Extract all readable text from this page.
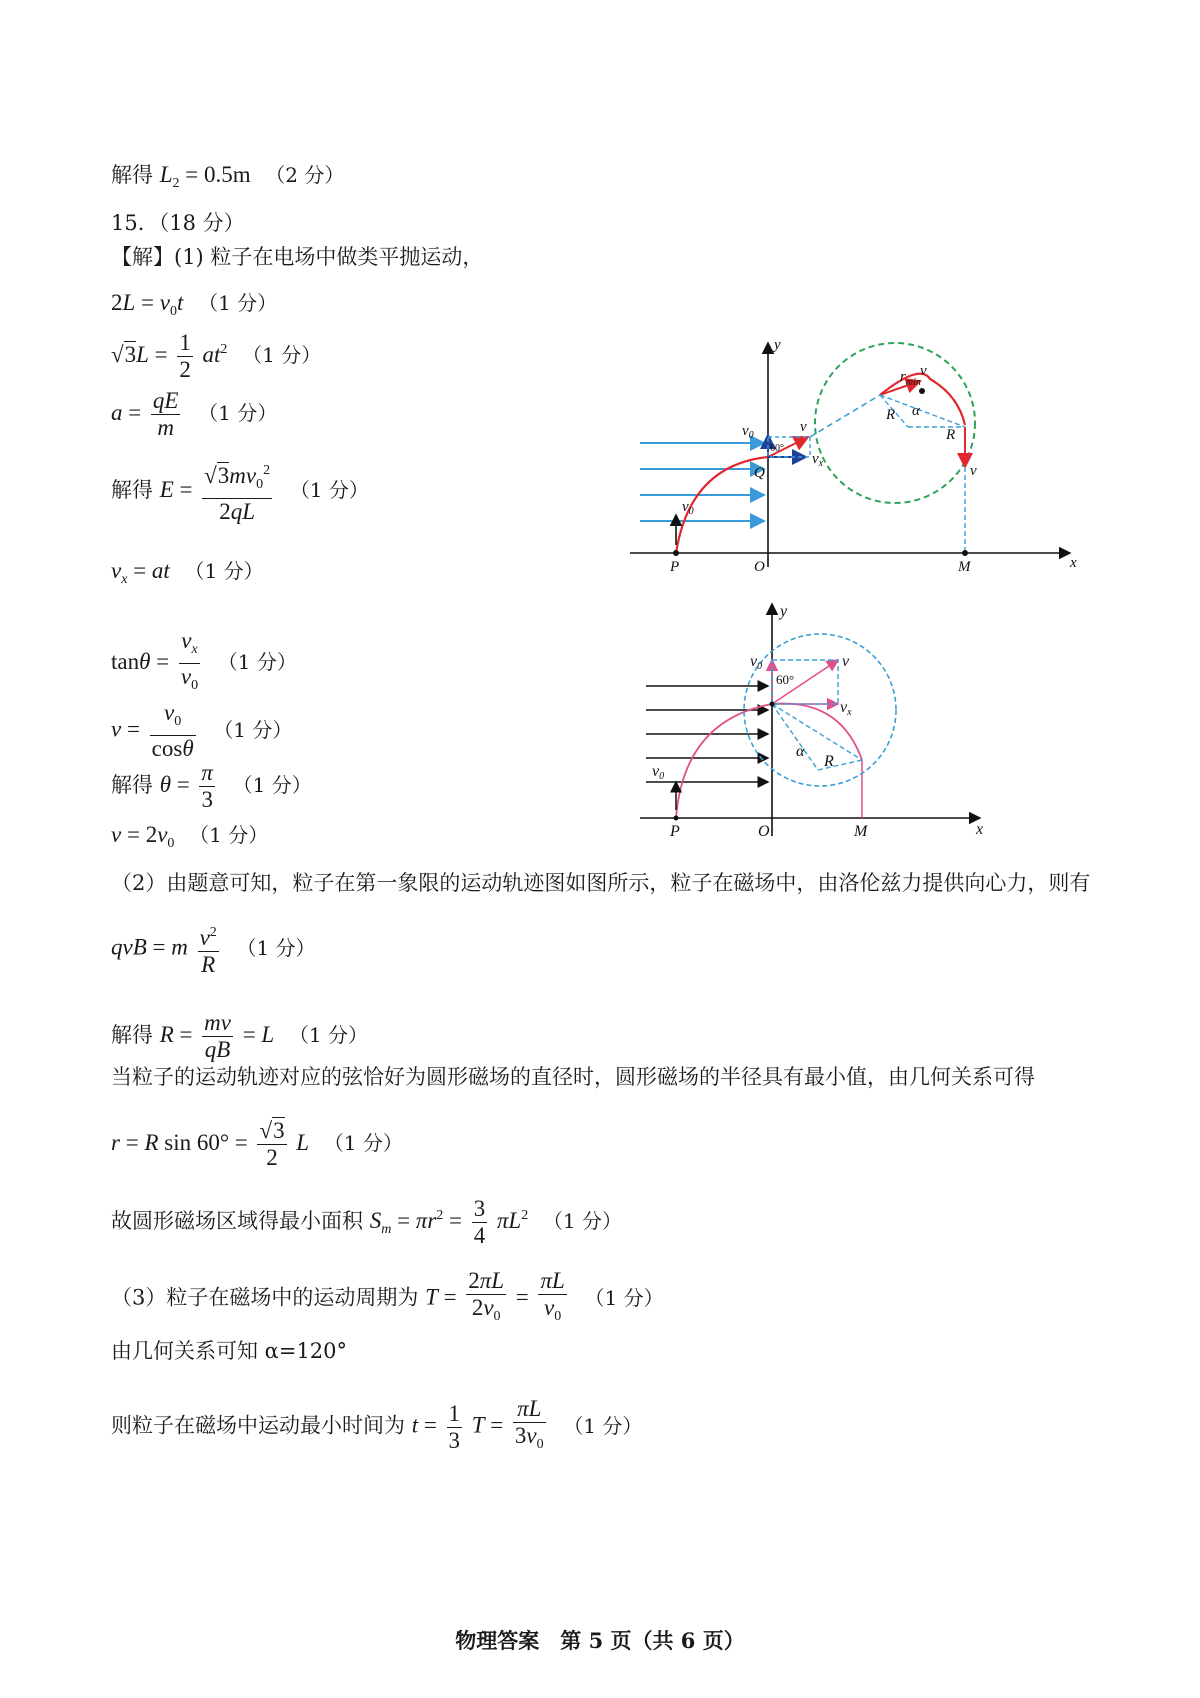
解得 $L_2 = 0.5m$ （2 分）
15．（18 分）
【解】(1) 粒子在电场中做类平抛运动，
$2L = v_0t$ （1 分）
$√3L = \frac{1}{2} at^2$ （1 分）
$a = \frac{qE}{m} (1$ 分）
解得 $E = \frac{√3mv_0^2}{2qL} (1$ 分）
$v_x$ = at （1 分）
$\tan\theta = \frac{v_x}{v_0} (1$ 分）
$v = \frac{v_0}{\cos\theta} (1$ 分）
解得 $\theta = \frac{\pi}{3} (1$ 分）
$v = 2v_0$ （1 分）
（2）由题意可知，粒子在第一象限的运动轨迹图如图所示，粒子在磁场中，由洛伦兹力提供向心力，则有
qvB = m $\frac{v^2}{R} (1$ 分）
解得 $R = \frac{mv}{qB} = L$ （1 分）
当粒子的运动轨迹对应的弦恰好为圆形磁场的直径时，圆形磁场的半径具有最小值，由几何关系可得
r = R $\sin 60^\circ = \frac{√3}{2}$ L （1 分）
故圆形磁场区域得最小面积 $S_m = \pi r^2 = \frac{3}{4} \pi L^2$ （1 分）
（3）粒子在磁场中的运动周期为 $T = \frac{2\pi L}{2v_0} = \frac{\pi L}{v_0} (1$ 分）
由几何关系可知 α=120°
则粒子在磁场中运动最小时间为 $t = \frac{1}{3}$ $T = \frac{\pi L}{3v_0} (1$ 分）
y
x
v
v
v
$v_x$
$v_0$
$v_0$
Q
$r_{min}$
R
R
α
P	O	M
60°
y
x
v
vx
v0
v0
α
R
P	O	M
60°
物理答案　第 5 页（共 6 页）
